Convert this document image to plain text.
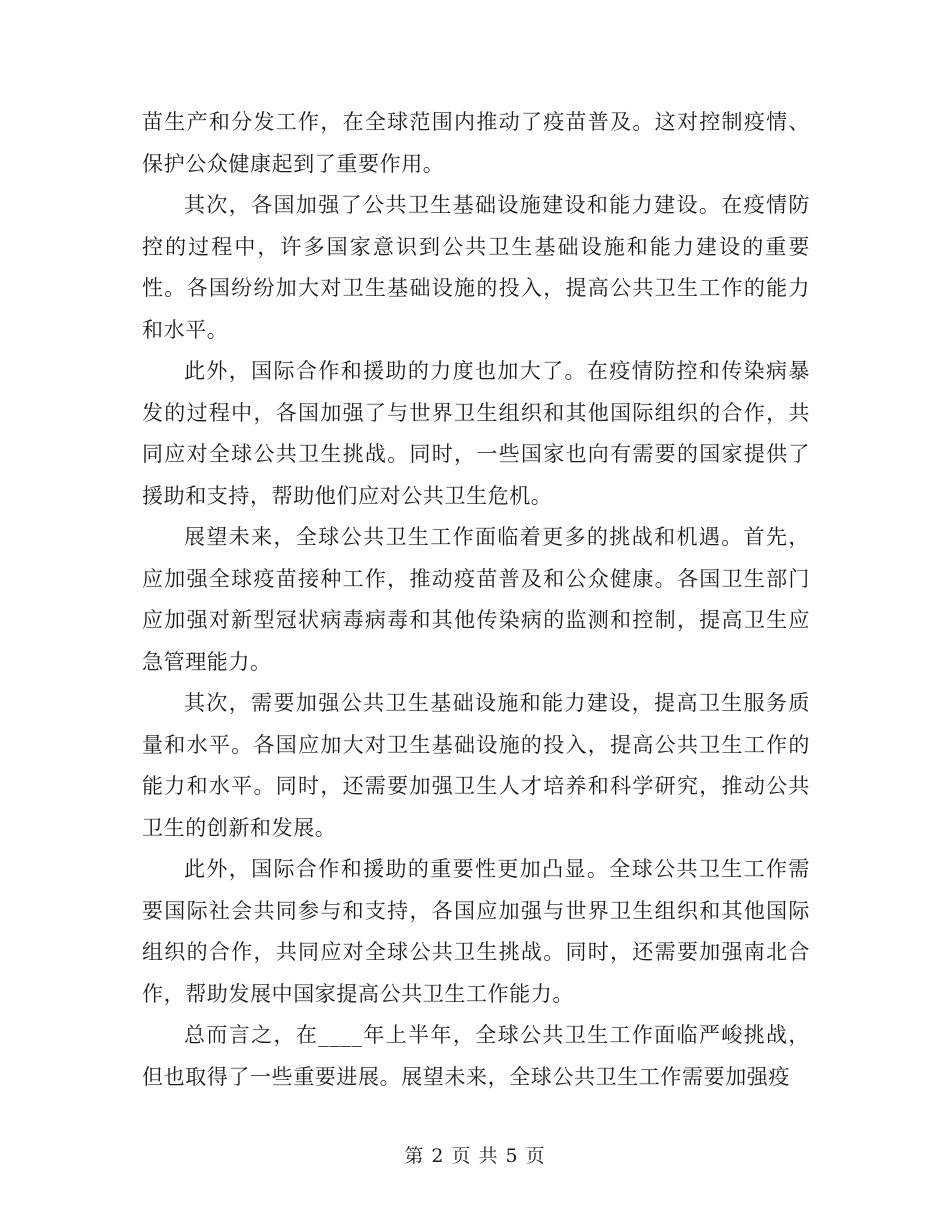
苗生产和分发工作，在全球范围内推动了疫苗普及。这对控制疫情、保护公众健康起到了重要作用。

其次，各国加强了公共卫生基础设施建设和能力建设。在疫情防控的过程中，许多国家意识到公共卫生基础设施和能力建设的重要性。各国纷纷加大对卫生基础设施的投入，提高公共卫生工作的能力和水平。

此外，国际合作和援助的力度也加大了。在疫情防控和传染病暴发的过程中，各国加强了与世界卫生组织和其他国际组织的合作，共同应对全球公共卫生挑战。同时，一些国家也向有需要的国家提供了援助和支持，帮助他们应对公共卫生危机。

展望未来，全球公共卫生工作面临着更多的挑战和机遇。首先，应加强全球疫苗接种工作，推动疫苗普及和公众健康。各国卫生部门应加强对新型冠状病毒病毒和其他传染病的监测和控制，提高卫生应急管理能力。

其次，需要加强公共卫生基础设施和能力建设，提高卫生服务质量和水平。各国应加大对卫生基础设施的投入，提高公共卫生工作的能力和水平。同时，还需要加强卫生人才培养和科学研究，推动公共卫生的创新和发展。

此外，国际合作和援助的重要性更加凸显。全球公共卫生工作需要国际社会共同参与和支持，各国应加强与世界卫生组织和其他国际组织的合作，共同应对全球公共卫生挑战。同时，还需要加强南北合作，帮助发展中国家提高公共卫生工作能力。

总而言之，在____年上半年，全球公共卫生工作面临严峻挑战，但也取得了一些重要进展。展望未来，全球公共卫生工作需要加强疫

第 2 页 共 5 页
